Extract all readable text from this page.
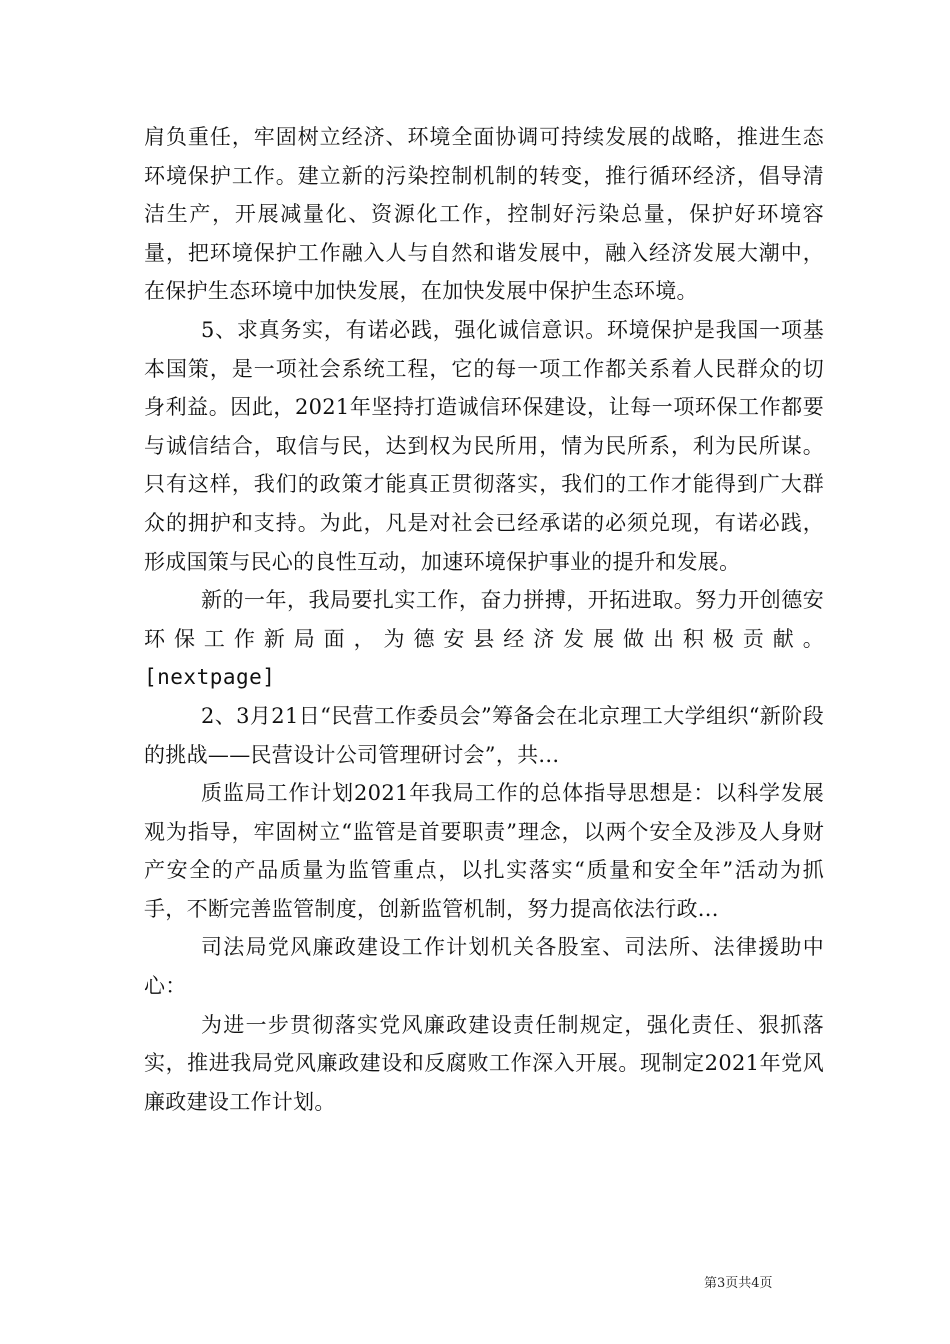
肩负重任，牢固树立经济、环境全面协调可持续发展的战略，推进生态环境保护工作。建立新的污染控制机制的转变，推行循环经济，倡导清洁生产，开展减量化、资源化工作，控制好污染总量，保护好环境容量，把环境保护工作融入人与自然和谐发展中，融入经济发展大潮中，在保护生态环境中加快发展，在加快发展中保护生态环境。

5、求真务实，有诺必践，强化诚信意识。环境保护是我国一项基本国策，是一项社会系统工程，它的每一项工作都关系着人民群众的切身利益。因此，2021年坚持打造诚信环保建设，让每一项环保工作都要与诚信结合，取信与民，达到权为民所用，情为民所系，利为民所谋。只有这样，我们的政策才能真正贯彻落实，我们的工作才能得到广大群众的拥护和支持。为此，凡是对社会已经承诺的必须兑现，有诺必践，形成国策与民心的良性互动，加速环境保护事业的提升和发展。

新的一年，我局要扎实工作，奋力拼搏，开拓进取。努力开创德安环保工作新局面，为德安县经济发展做出积极贡献。

[nextpage]

2、3月21日“民营工作委员会”筹备会在北京理工大学组织“新阶段的挑战——民营设计公司管理研讨会”，共...

质监局工作计划2021年我局工作的总体指导思想是：以科学发展观为指导，牢固树立“监管是首要职责”理念，以两个安全及涉及人身财产安全的产品质量为监管重点，以扎实落实“质量和安全年”活动为抓手，不断完善监管制度，创新监管机制，努力提高依法行政...

司法局党风廉政建设工作计划机关各股室、司法所、法律援助中心：

为进一步贯彻落实党风廉政建设责任制规定，强化责任、狠抓落实，推进我局党风廉政建设和反腐败工作深入开展。现制定2021年党风廉政建设工作计划。

第3页共4页
